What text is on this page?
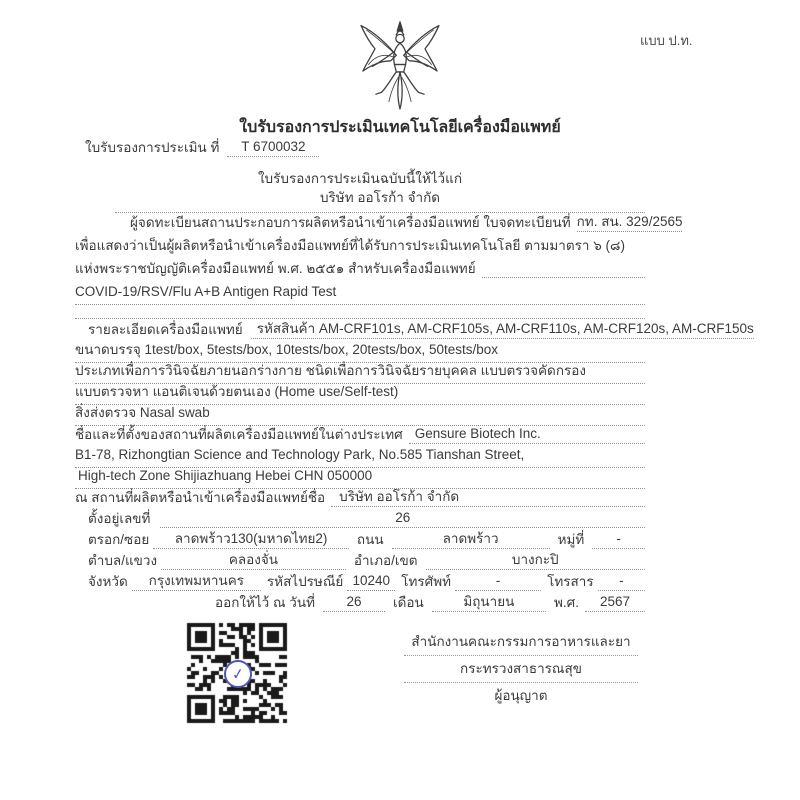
แบบ ป.ท.
ใบรับรองการประเมินเทคโนโลยีเครื่องมือแพทย์
ใบรับรองการประเมิน ที่	T 6700032
ใบรับรองการประเมินฉบับนี้ให้ไว้แก่
บริษัท ออโรก้า จำกัด
ผู้จดทะเบียนสถานประกอบการผลิตหรือนำเข้าเครื่องมือแพทย์ ใบจดทะเบียนที่ กท. สน. 329/2565
เพื่อแสดงว่าเป็นผู้ผลิตหรือนำเข้าเครื่องมือแพทย์ที่ได้รับการประเมินเทคโนโลยี ตามมาตรา ๖ (๘)
แห่งพระราชบัญญัติเครื่องมือแพทย์ พ.ศ. ๒๕๕๑ สำหรับเครื่องมือแพทย์
COVID-19/RSV/Flu A+B Antigen Rapid Test
รายละเอียดเครื่องมือแพทย์	รหัสสินค้า AM-CRF101s, AM-CRF105s, AM-CRF110s, AM-CRF120s, AM-CRF150s
ขนาดบรรจุ 1test/box, 5tests/box, 10tests/box, 20tests/box, 50tests/box
ประเภทเพื่อการวินิจฉัยภายนอกร่างกาย ชนิดเพื่อการวินิจฉัยรายบุคคล แบบตรวจคัดกรอง
แบบตรวจหา แอนติเจนด้วยตนเอง (Home use/Self-test)
สิ่งส่งตรวจ Nasal swab
ชื่อและที่ตั้งของสถานที่ผลิตเครื่องมือแพทย์ในต่างประเทศ Gensure Biotech Inc.
B1-78, Rizhongtian Science and Technology Park, No.585 Tianshan Street,
High-tech Zone Shijiazhuang Hebei CHN 050000
ณ สถานที่ผลิตหรือนำเข้าเครื่องมือแพทย์ชื่อ	บริษัท ออโรก้า จำกัด
ตั้งอยู่เลขที่	26
ตรอก/ซอย	ลาดพร้าว130(มหาดไทย2)	ถนน	ลาดพร้าว	หมู่ที่	-
ตำบล/แขวง	คลองจั่น	อำเภอ/เขต	บางกะปิ
จังหวัด	กรุงเทพมหานคร	รหัสไปรษณีย์ 10240 โทรศัพท์	-	โทรสาร	-
ออกให้ไว้ ณ วันที่	26	เดือน	มิถุนายน	พ.ศ.	2567
✓
สำนักงานคณะกรรมการอาหารและยา
กระทรวงสาธารณสุข
ผู้อนุญาต
